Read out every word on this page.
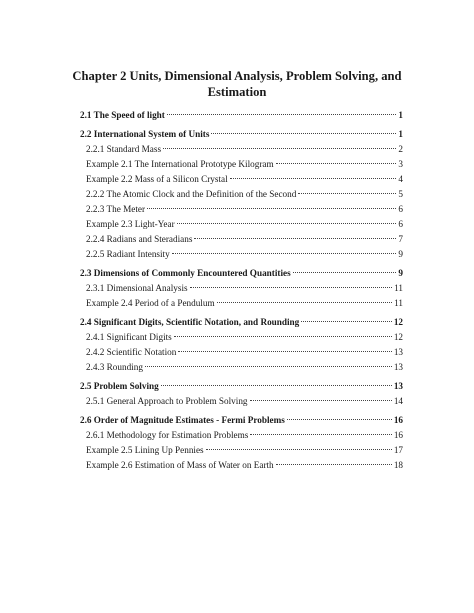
Chapter 2 Units, Dimensional Analysis, Problem Solving, and
Estimation
2.1 The Speed of light	1
2.2 International System of Units	1
2.2.1 Standard Mass	2
Example 2.1 The International Prototype Kilogram	3
Example 2.2 Mass of a Silicon Crystal	4
2.2.2 The Atomic Clock and the Definition of the Second	5
2.2.3 The Meter	6
Example 2.3 Light-Year	6
2.2.4 Radians and Steradians	7
2.2.5 Radiant Intensity	9
2.3 Dimensions of Commonly Encountered Quantities	9
2.3.1 Dimensional Analysis	11
Example 2.4 Period of a Pendulum	11
2.4 Significant Digits, Scientific Notation, and Rounding	12
2.4.1 Significant Digits	12
2.4.2 Scientific Notation	13
2.4.3 Rounding	13
2.5 Problem Solving	13
2.5.1 General Approach to Problem Solving	14
2.6 Order of Magnitude Estimates - Fermi Problems	16
2.6.1 Methodology for Estimation Problems	16
Example 2.5 Lining Up Pennies	17
Example 2.6 Estimation of Mass of Water on Earth	18
